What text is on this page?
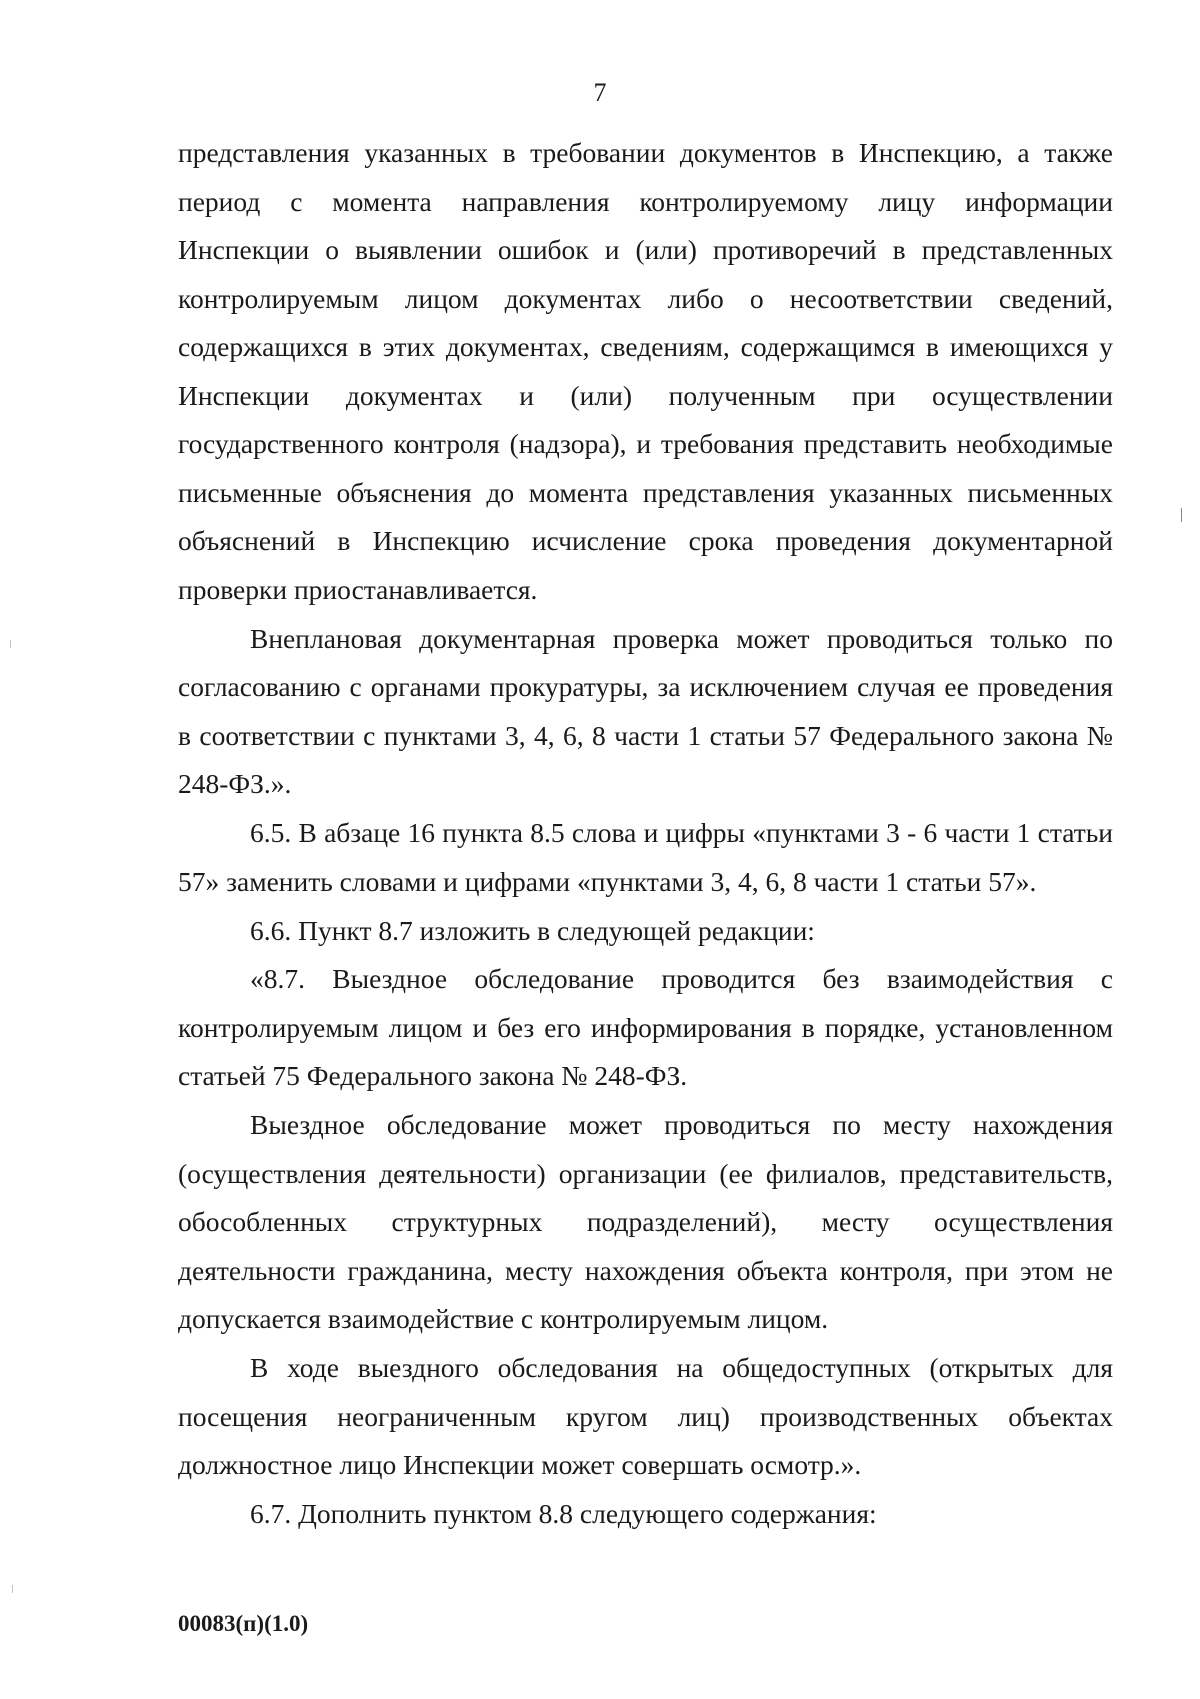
7

представления указанных в требовании документов в Инспекцию, а также период с момента направления контролируемому лицу информации Инспекции о выявлении ошибок и (или) противоречий в представленных контролируемым лицом документах либо о несоответствии сведений, содержащихся в этих документах, сведениям, содержащимся в имеющихся у Инспекции документах и (или) полученным при осуществлении государственного контроля (надзора), и требования представить необходимые письменные объяснения до момента представления указанных письменных объяснений в Инспекцию исчисление срока проведения документарной проверки приостанавливается.

Внеплановая документарная проверка может проводиться только по согласованию с органами прокуратуры, за исключением случая ее проведения в соответствии с пунктами 3, 4, 6, 8 части 1 статьи 57 Федерального закона № 248-ФЗ.».

6.5. В абзаце 16 пункта 8.5 слова и цифры «пунктами 3 - 6 части 1 статьи 57» заменить словами и цифрами «пунктами 3, 4, 6, 8 части 1 статьи 57».

6.6. Пункт 8.7 изложить в следующей редакции:

«8.7. Выездное обследование проводится без взаимодействия с контролируемым лицом и без его информирования в порядке, установленном статьей 75 Федерального закона № 248-ФЗ.

Выездное обследование может проводиться по месту нахождения (осуществления деятельности) организации (ее филиалов, представительств, обособленных структурных подразделений), месту осуществления деятельности гражданина, месту нахождения объекта контроля, при этом не допускается взаимодействие с контролируемым лицом.

В ходе выездного обследования на общедоступных (открытых для посещения неограниченным кругом лиц) производственных объектах должностное лицо Инспекции может совершать осмотр.».

6.7. Дополнить пунктом 8.8 следующего содержания:

00083(п)(1.0)
